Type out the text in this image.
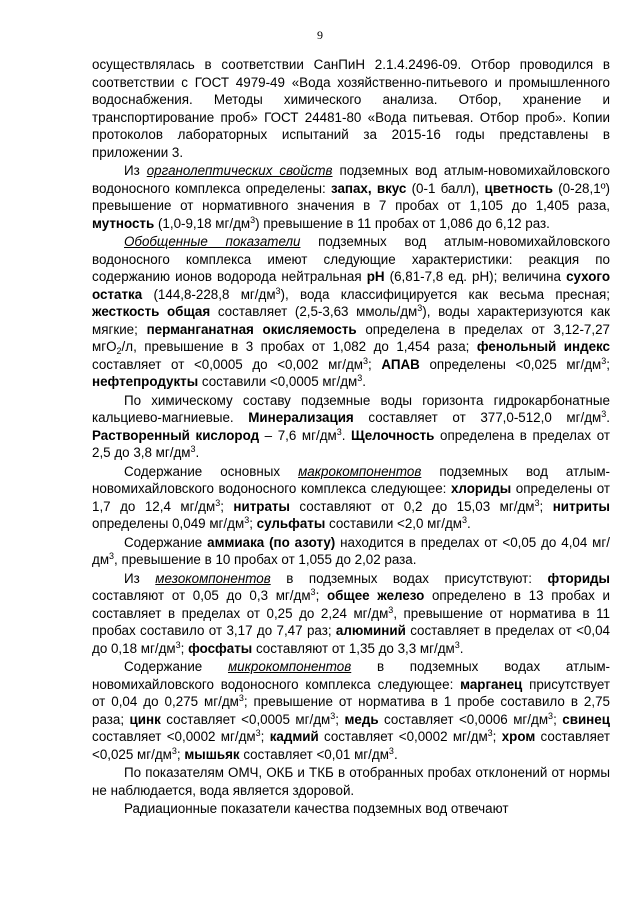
9

осуществлялась в соответствии СанПиН 2.1.4.2496-09. Отбор проводился в соответствии с ГОСТ 4979-49 «Вода хозяйственно-питьевого и промышленного водоснабжения. Методы химического анализа. Отбор, хранение и транспортирование проб» ГОСТ 24481-80 «Вода питьевая. Отбор проб». Копии протоколов лабораторных испытаний за 2015-16 годы представлены в приложении 3.

Из органолептических свойств подземных вод атлым-новомихайловского водоносного комплекса определены: запах, вкус (0-1 балл), цветность (0-28,1º) превышение от нормативного значения в 7 пробах от 1,105 до 1,405 раза, мутность (1,0-9,18 $мг/дм^3$) превышение в 11 пробах от 1,086 до 6,12 раз.

Обобщенные показатели подземных вод атлым-новомихайловского водоносного комплекса имеют следующие характеристики: реакция по содержанию ионов водорода нейтральная pH (6,81-7,8 ед. pH); величина сухого остатка (144,8-228,8 $мг/дм^3$), вода классифицируется как весьма пресная; жесткость общая составляет (2,5-3,63 ммоль/$дм^3$), воды характеризуются как мягкие; перманганатная окисляемость определена в пределах от 3,12-7,27 мгО$_2$/л, превышение в 3 пробах от 1,082 до 1,454 раза; фенольный индекс составляет от <0,0005 до <0,002 $мг/дм^3$; АПАВ определены <0,025 $мг/дм^3$; нефтепродукты составили <0,0005 $мг/дм^3$.

По химическому составу подземные воды горизонта гидрокарбонатные кальциево-магниевые. Минерализация составляет от 377,0-512,0 $мг/дм^3$. Растворенный кислород – 7,6 $мг/дм^3$. Щелочность определена в пределах от 2,5 до 3,8 $мг/дм^3$.

Содержание основных макрокомпонентов подземных вод атлым-новомихайловского водоносного комплекса следующее: хлориды определены от 1,7 до 12,4 $мг/дм^3$; нитраты составляют от 0,2 до 15,03 $мг/дм^3$; нитриты определены 0,049 $мг/дм^3$; сульфаты составили <2,0 $мг/дм^3$.

Содержание аммиака (по азоту) находится в пределах от <0,05 до 4,04 $мг/дм^3$, превышение в 10 пробах от 1,055 до 2,02 раза.

Из мезокомпонентов в подземных водах присутствуют: фториды составляют от 0,05 до 0,3 $мг/дм^3$; общее железо определено в 13 пробах и составляет в пределах от 0,25 до 2,24 $мг/дм^3$, превышение от норматива в 11 пробах составило от 3,17 до 7,47 раз; алюминий составляет в пределах от <0,04 до 0,18 $мг/дм^3$; фосфаты составляют от 1,35 до 3,3 $мг/дм^3$.

Содержание микрокомпонентов в подземных водах атлым-новомихайловского водоносного комплекса следующее: марганец присутствует от 0,04 до 0,275 $мг/дм^3$; превышение от норматива в 1 пробе составило в 2,75 раза; цинк составляет <0,0005 $мг/дм^3$; медь составляет <0,0006 $мг/дм^3$; свинец составляет <0,0002 $мг/дм^3$; кадмий составляет <0,0002 $мг/дм^3$; хром составляет <0,025 $мг/дм^3$; мышьяк составляет <0,01 $мг/дм^3$.

По показателям ОМЧ, ОКБ и ТКБ в отобранных пробах отклонений от нормы не наблюдается, вода является здоровой.

Радиационные показатели качества подземных вод отвечают
